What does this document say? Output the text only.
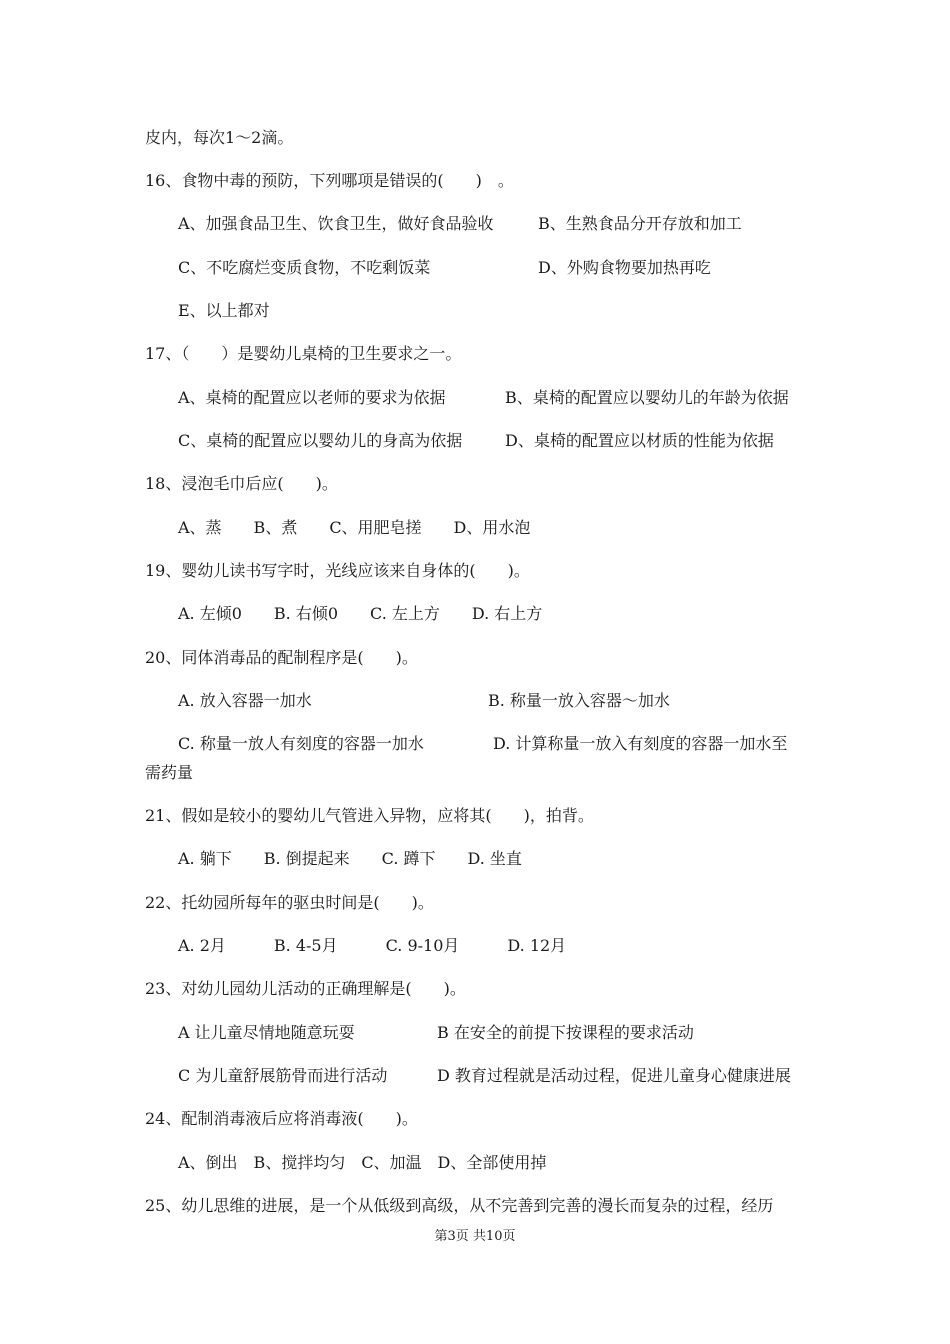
皮内，每次1～2滴。
16、食物中毒的预防，下列哪项是错误的(　　)　。
A、加强食品卫生、饮食卫生，做好食品验收	B、生熟食品分开存放和加工
C、不吃腐烂变质食物，不吃剩饭菜	D、外购食物要加热再吃
E、以上都对
17、（　　）是婴幼儿桌椅的卫生要求之一。
A、桌椅的配置应以老师的要求为依据	B、桌椅的配置应以婴幼儿的年龄为依据
C、桌椅的配置应以婴幼儿的身高为依据	D、桌椅的配置应以材质的性能为依据
18、浸泡毛巾后应(　　)。
A、蒸　　B、煮　　C、用肥皂搓　　D、用水泡
19、婴幼儿读书写字时，光线应该来自身体的(　　)。
A. 左倾0　　B. 右倾0　　C. 左上方　　D. 右上方
20、同体消毒品的配制程序是(　　)。
A. 放入容器一加水	B. 称量一放入容器～加水
C. 称量一放人有刻度的容器一加水	D. 计算称量一放入有刻度的容器一加水至
需药量
21、假如是较小的婴幼儿气管进入异物，应将其(　　)，拍背。
A. 躺下　　B. 倒提起来　　C. 蹲下　　D. 坐直
22、托幼园所每年的驱虫时间是(　　)。
A. 2月　　　B. 4-5月　　　C. 9-10月　　　D. 12月
23、对幼儿园幼儿活动的正确理解是(　　)。
A 让儿童尽情地随意玩耍	B 在安全的前提下按课程的要求活动
C 为儿童舒展筋骨而进行活动	D 教育过程就是活动过程，促进儿童身心健康进展
24、配制消毒液后应将消毒液(　　)。
A、倒出　B、搅拌均匀　C、加温　D、全部使用掉
25、幼儿思维的进展，是一个从低级到高级，从不完善到完善的漫长而复杂的过程，经历
第3页 共10页
